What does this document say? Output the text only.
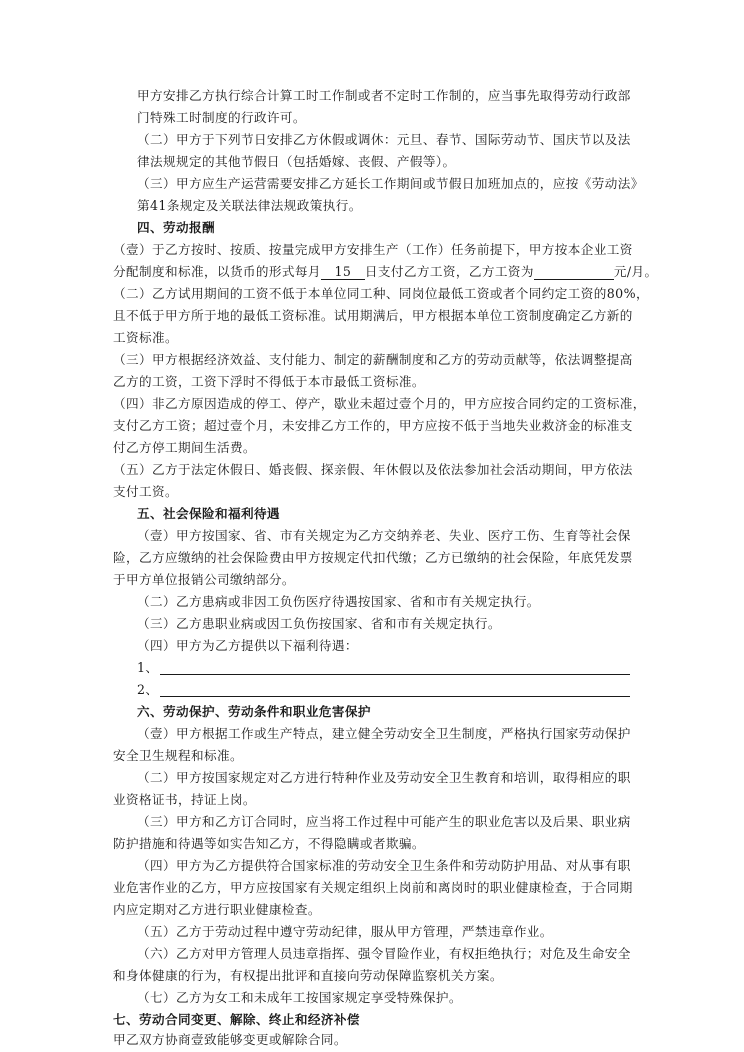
甲方安排乙方执行综合计算工时工作制或者不定时工作制的，应当事先取得劳动行政部
门特殊工时制度的行政许可。
（二）甲方于下列节日安排乙方休假或调休：元旦、春节、国际劳动节、国庆节以及法
律法规规定的其他节假日（包括婚嫁、丧假、产假等）。
（三）甲方应生产运营需要安排乙方延长工作期间或节假日加班加点的，应按《劳动法》
第41条规定及关联法律法规政策执行。
四、劳动报酬
（壹）于乙方按时、按质、按量完成甲方安排生产（工作）任务前提下，甲方按本企业工资
分配制度和标准，以货币的形式每月 15 日支付乙方工资，乙方工资为	元/月。
（二）乙方试用期间的工资不低于本单位同工种、同岗位最低工资或者个同约定工资的80%，
且不低于甲方所于地的最低工资标准。试用期满后，甲方根据本单位工资制度确定乙方新的
工资标准。
（三）甲方根据经济效益、支付能力、制定的薪酬制度和乙方的劳动贡献等，依法调整提高
乙方的工资，工资下浮时不得低于本市最低工资标准。
（四）非乙方原因造成的停工、停产，歇业未超过壹个月的，甲方应按合同约定的工资标准，
支付乙方工资；超过壹个月，未安排乙方工作的，甲方应按不低于当地失业救济金的标准支
付乙方停工期间生活费。
（五）乙方于法定休假日、婚丧假、探亲假、年休假以及依法参加社会活动期间，甲方依法
支付工资。
五、社会保险和福利待遇
（壹）甲方按国家、省、市有关规定为乙方交纳养老、失业、医疗工伤、生育等社会保
险，乙方应缴纳的社会保险费由甲方按规定代扣代缴；乙方已缴纳的社会保险，年底凭发票
于甲方单位报销公司缴纳部分。
（二）乙方患病或非因工负伤医疗待遇按国家、省和市有关规定执行。
（三）乙方患职业病或因工负伤按国家、省和市有关规定执行。
（四）甲方为乙方提供以下福利待遇：
1、
2、
六、劳动保护、劳动条件和职业危害保护
（壹）甲方根据工作或生产特点，建立健全劳动安全卫生制度，严格执行国家劳动保护
安全卫生规程和标准。
（二）甲方按国家规定对乙方进行特种作业及劳动安全卫生教育和培训，取得相应的职
业资格证书，持证上岗。
（三）甲方和乙方订合同时，应当将工作过程中可能产生的职业危害以及后果、职业病
防护措施和待遇等如实告知乙方，不得隐瞒或者欺骗。
（四）甲方为乙方提供符合国家标准的劳动安全卫生条件和劳动防护用品、对从事有职
业危害作业的乙方，甲方应按国家有关规定组织上岗前和离岗时的职业健康检查，于合同期
内应定期对乙方进行职业健康检查。
（五）乙方于劳动过程中遵守劳动纪律，服从甲方管理，严禁违章作业。
（六）乙方对甲方管理人员违章指挥、强令冒险作业，有权拒绝执行；对危及生命安全
和身体健康的行为，有权提出批评和直接向劳动保障监察机关方案。
（七）乙方为女工和未成年工按国家规定享受特殊保护。
七、劳动合同变更、解除、终止和经济补偿
甲乙双方协商壹致能够变更或解除合同。
